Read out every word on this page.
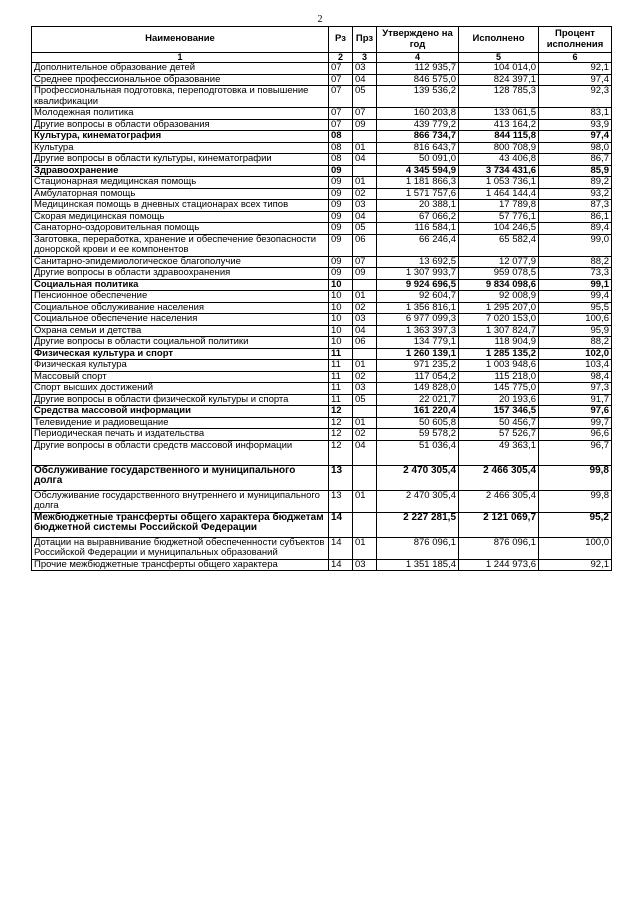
2
Наименование	Рз	Прз	Утверждено на год	Исполнено	Процент исполнения
1	2	3	4	5	6
Дополнительное образование детей	07	03	112 935,7	104 014,0	92,1
Среднее профессиональное образование	07	04	846 575,0	824 397,1	97,4
Профессиональная подготовка, переподготовка и повышение квалификации	07	05	139 536,2	128 785,3	92,3
Молодежная политика	07	07	160 203,8	133 061,5	83,1
Другие вопросы в области образования	07	09	439 779,2	413 164,2	93,9
Культура, кинематография	08		866 734,7	844 115,8	97,4
Культура	08	01	816 643,7	800 708,9	98,0
Другие вопросы в области культуры, кинематографии	08	04	50 091,0	43 406,8	86,7
Здравоохранение	09		4 345 594,9	3 734 431,6	85,9
Стационарная медицинская помощь	09	01	1 181 866,3	1 053 736,1	89,2
Амбулаторная помощь	09	02	1 571 757,6	1 464 144,4	93,2
Медицинская помощь в дневных стационарах всех типов	09	03	20 388,1	17 789,8	87,3
Скорая медицинская помощь	09	04	67 066,2	57 776,1	86,1
Санаторно-оздоровительная помощь	09	05	116 584,1	104 246,5	89,4
Заготовка, переработка, хранение и обеспечение безопасности донорской крови и ее компонентов	09	06	66 246,4	65 582,4	99,0
Санитарно-эпидемиологическое благополучие	09	07	13 692,5	12 077,9	88,2
Другие вопросы в области здравоохранения	09	09	1 307 993,7	959 078,5	73,3
Социальная политика	10		9 924 696,5	9 834 098,6	99,1
Пенсионное обеспечение	10	01	92 604,7	92 008,9	99,4
Социальное обслуживание населения	10	02	1 356 816,1	1 295 207,0	95,5
Социальное обеспечение населения	10	03	6 977 099,3	7 020 153,0	100,6
Охрана семьи и детства	10	04	1 363 397,3	1 307 824,7	95,9
Другие вопросы в области социальной политики	10	06	134 779,1	118 904,9	88,2
Физическая культура и спорт	11		1 260 139,1	1 285 135,2	102,0
Физическая культура	11	01	971 235,2	1 003 948,6	103,4
Массовый спорт	11	02	117 054,2	115 218,0	98,4
Спорт высших достижений	11	03	149 828,0	145 775,0	97,3
Другие вопросы в области физической культуры и спорта	11	05	22 021,7	20 193,6	91,7
Средства массовой информации	12		161 220,4	157 346,5	97,6
Телевидение и радиовещание	12	01	50 605,8	50 456,7	99,7
Периодическая печать и издательства	12	02	59 578,2	57 526,7	96,6
Другие вопросы в области средств массовой информации	12	04	51 036,4	49 363,1	96,7
Обслуживание государственного и муниципального долга	13		2 470 305,4	2 466 305,4	99,8
Обслуживание государственного внутреннего и муниципального долга	13	01	2 470 305,4	2 466 305,4	99,8
Межбюджетные трансферты общего характера бюджетам бюджетной системы Российской Федерации	14		2 227 281,5	2 121 069,7	95,2
Дотации на выравнивание бюджетной обеспеченности субъектов Российской Федерации и муниципальных образований	14	01	876 096,1	876 096,1	100,0
Прочие межбюджетные трансферты общего характера	14	03	1 351 185,4	1 244 973,6	92,1
